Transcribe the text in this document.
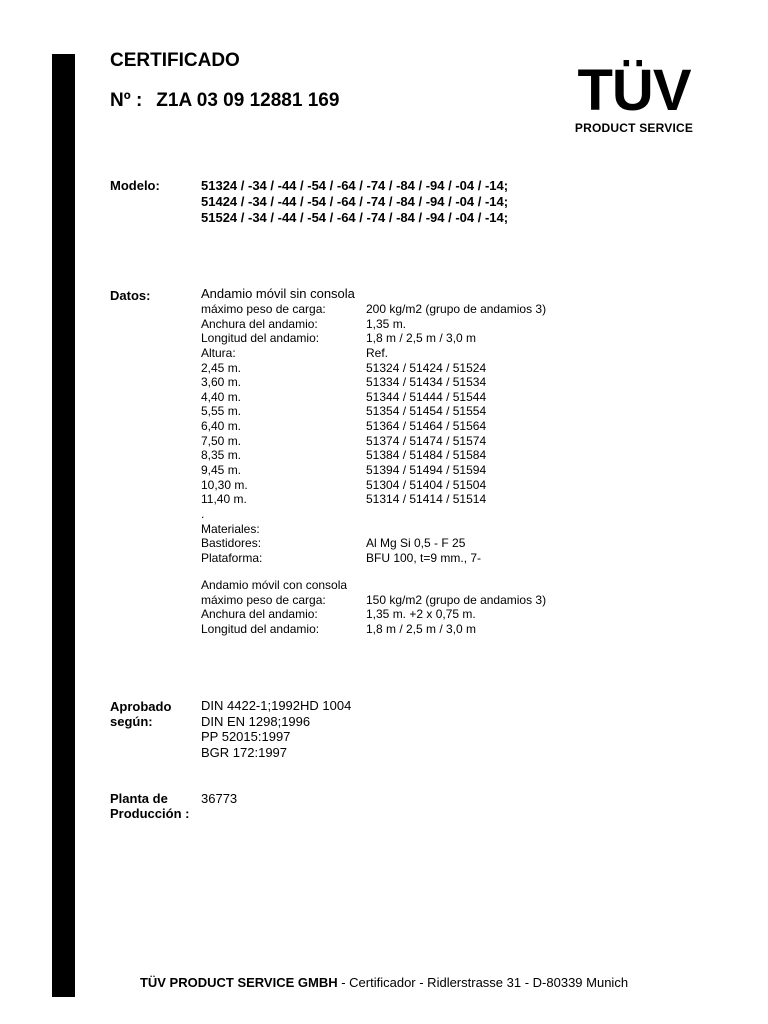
CERTIFICADO
Nº : Z1A 03 09 12881 169	TÜV
PRODUCT SERVICE
Modelo:	51324 / -34 / -44 / -54 / -64 / -74 / -84 / -94 / -04 / -14;
51424 / -34 / -44 / -54 / -64 / -74 / -84 / -94 / -04 / -14;
51524 / -34 / -44 / -54 / -64 / -74 / -84 / -94 / -04 / -14;
Datos:	Andamio móvil sin consola
máximo peso de carga:	200 kg/m2 (grupo de andamios 3)
Anchura del andamio:	1,35 m.
Longitud del andamio:	1,8 m / 2,5 m / 3,0 m
Altura:	Ref.
2,45 m.	51324 / 51424 / 51524
3,60 m.	51334 / 51434 / 51534
4,40 m.	51344 / 51444 / 51544
5,55 m.	51354 / 51454 / 51554
6,40 m.	51364 / 51464 / 51564
7,50 m.	51374 / 51474 / 51574
8,35 m.	51384 / 51484 / 51584
9,45 m.	51394 / 51494 / 51594
10,30 m.	51304 / 51404 / 51504
11,40 m.	51314 / 51414 / 51514
.
Materiales:
Bastidores:	Al Mg Si 0,5 - F 25
Plataforma:	BFU 100, t=9 mm., 7-
Andamio móvil con consola
máximo peso de carga:	150 kg/m2 (grupo de andamios 3)
Anchura del andamio:	1,35 m. +2 x 0,75 m.
Longitud del andamio:	1,8 m / 2,5 m / 3,0 m
Aprobado
según:
DIN 4422-1;1992HD 1004
DIN EN 1298;1996
PP 52015:1997
BGR 172:1997
Planta de
Producción :
36773
TÜV PRODUCT SERVICE GMBH - Certificador - Ridlerstrasse 31 - D-80339 Munich
